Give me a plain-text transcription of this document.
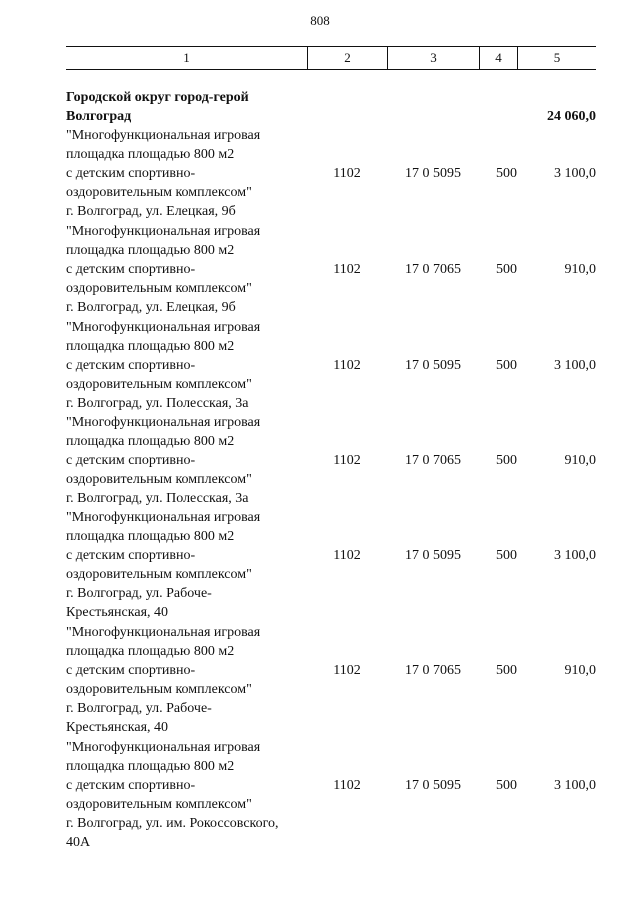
808
1	2	3	4	5
Городской округ город-герой
Волгоград	24 060,0
"Многофункциональная игровая
площадка площадью 800 м2
с детским спортивно-
оздоровительным комплексом"
г. Волгоград, ул. Елецкая, 9б
1102	17 0 5095	500	3 100,0
"Многофункциональная игровая
площадка площадью 800 м2
с детским спортивно-
оздоровительным комплексом"
г. Волгоград, ул. Елецкая, 9б
1102	17 0 7065	500	910,0
"Многофункциональная игровая
площадка площадью 800 м2
с детским спортивно-
оздоровительным комплексом"
г. Волгоград, ул. Полесская, 3а
1102	17 0 5095	500	3 100,0
"Многофункциональная игровая
площадка площадью 800 м2
с детским спортивно-
оздоровительным комплексом"
г. Волгоград, ул. Полесская, 3а
1102	17 0 7065	500	910,0
"Многофункциональная игровая
площадка площадью 800 м2
с детским спортивно-
оздоровительным комплексом"
г. Волгоград, ул. Рабоче-
Крестьянская, 40
1102	17 0 5095	500	3 100,0
"Многофункциональная игровая
площадка площадью 800 м2
с детским спортивно-
оздоровительным комплексом"
г. Волгоград, ул. Рабоче-
Крестьянская, 40
1102	17 0 7065	500	910,0
"Многофункциональная игровая
площадка площадью 800 м2
с детским спортивно-
оздоровительным комплексом"
г. Волгоград, ул. им. Рокоссовского,
40А
1102	17 0 5095	500	3 100,0
